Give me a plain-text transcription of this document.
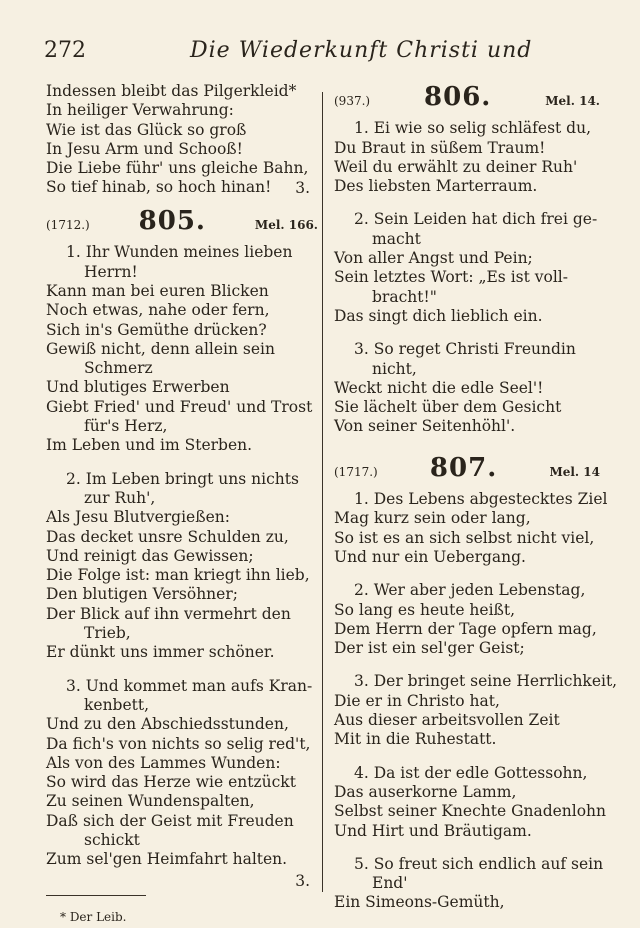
272	Die Wiederkunft Christi und
Indessen bleibt das Pilgerkleid*
In heiliger Verwahrung:
Wie ist das Glück so groß
In Jesu Arm und Schooß!
Die Liebe führ' uns gleiche Bahn,
So tief hinab, so hoch hinan!	3.
(1712.) 805.	Mel. 166.
1. Ihr Wunden meines lieben
Herrn!
Kann man bei euren Blicken
Noch etwas, nahe oder fern,
Sich in's Gemüthe drücken?
Gewiß nicht, denn allein sein
Schmerz
Und blutiges Erwerben
Giebt Fried' und Freud' und Trost
für's Herz,
Im Leben und im Sterben.
2. Im Leben bringt uns nichts
zur Ruh',
Als Jesu Blutvergießen:
Das decket unsre Schulden zu,
Und reinigt das Gewissen;
Die Folge ist: man kriegt ihn lieb,
Den blutigen Versöhner;
Der Blick auf ihn vermehrt den
Trieb,
Er dünkt uns immer schöner.
3. Und kommet man aufs Kran-
kenbett,
Und zu den Abschiedsstunden,
Da fich's von nichts so selig red't,
Als von des Lammes Wunden:
So wird das Herze wie entzückt
Zu seinen Wundenspalten,
Daß sich der Geist mit Freuden
schickt
Zum sel'gen Heimfahrt halten.
3.
* Der Leib.
(937.) 806.	Mel. 14.
1. Ei wie so selig schläfest du,
Du Braut in süßem Traum!
Weil du erwählt zu deiner Ruh'
Des liebsten Marterraum.
2. Sein Leiden hat dich frei ge-
macht
Von aller Angst und Pein;
Sein letztes Wort: „Es ist voll-
bracht!"
Das singt dich lieblich ein.
3. So reget Christi Freundin
nicht,
Weckt nicht die edle Seel'!
Sie lächelt über dem Gesicht
Von seiner Seitenhöhl'.
(1717.) 807.	Mel. 14
1. Des Lebens abgestecktes Ziel
Mag kurz sein oder lang,
So ist es an sich selbst nicht viel,
Und nur ein Uebergang.
2. Wer aber jeden Lebenstag,
So lang es heute heißt,
Dem Herrn der Tage opfern mag,
Der ist ein sel'ger Geist;
3. Der bringet seine Herrlichkeit,
Die er in Christo hat,
Aus dieser arbeitsvollen Zeit
Mit in die Ruhestatt.
4. Da ist der edle Gottessohn,
Das auserkorne Lamm,
Selbst seiner Knechte Gnadenlohn
Und Hirt und Bräutigam.
5. So freut sich endlich auf sein
End'
Ein Simeons-Gemüth,
